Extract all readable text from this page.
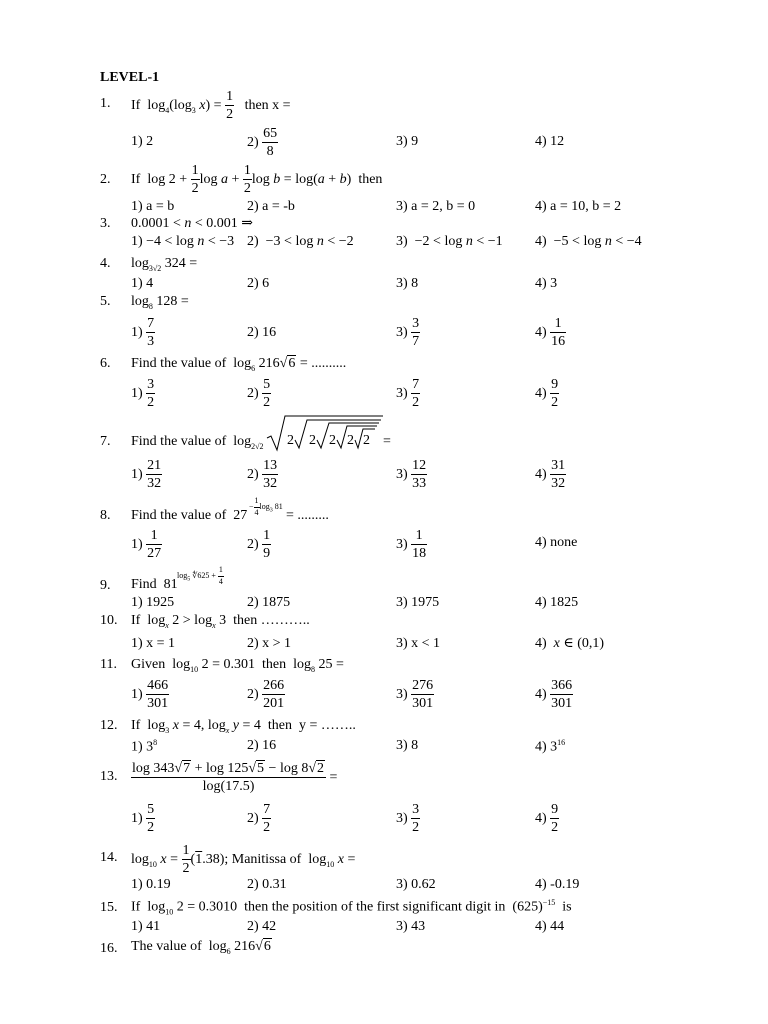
LEVEL-1
1. If  $\log_4(\log_3$ $x) = \frac{1}{2}$ then x =
1) 2	$2) \frac{65}{8}$	3) 9	4) 12
2. If  $\log 2 + \frac{1}{2}$ $\log a + \frac{1}{2}$ log b = log(a + b)  then
1) a = b	2) a = -b	3) a = 2, b = 0	4) a = 10, b = 2
3. 0.0001 < n < 0.001 ⇒
1) −4 < log n < −3 2)  −3 < log n < −2	3)  −2 < log n < −1 4)  −5 < log n < −4
4. $\log_{3√2} 324$ =
1) 4	2) 6	3) 8	4) 3
5. $\log_8 128$ =
$1) \frac{7}{3}$	2) 16	$3) \frac{3}{7}$	$4) \frac{1}{16}$
6. Find the value of  $\log_6 216√6$ = ..........
$1) \frac{3}{2}$	$2) \frac{5}{2}$	$3) \frac{7}{2}$	$4) \frac{9}{2}$
7. Find the value of  $\log_{2√2} 2$ 2 2 2 2 =
$1) \frac{21}{32}$	$2) \frac{13}{32}$	$3) \frac{12}{33}$	$4) \frac{31}{32}$
8. Find the value of  27
− $\frac{1}{4} \log_3 81$
= .........
$1) \frac{1}{27}$	$2) \frac{1}{9}$	$3) \frac{1}{18}$	4) none
9. Find  81
$\log_5$ ∜625 + $\frac{1}{4}$
1) 1925	2) 1875	3) 1975	4) 1825
10. If  $\log_x 2 > \log_x 3$  then ………..
1) x = 1	2) x > 1	3) x < 1	4)  x ∈ (0,1)
11. Given  $\log_{10} 2 = 0.301$  then  $\log_8 25$ =
$1) \frac{466}{301}$	$2) \frac{266}{201}$	$3) \frac{276}{301}$	$4) \frac{366}{301}$
12. If  $\log_3 x = 4$, $\log_x y = 4$  then  y = ……..
1) $3^8$	2) 16	3) 8	4) $3^{16}$
13. $\frac{\log 343√7 + \log 125√5 - \log 8√2}{\log(17.5)}$ =
$1) \frac{5}{2}$	$2) \frac{7}{2}$	$3) \frac{3}{2}$	$4) \frac{9}{2}$
14. $\log_{10} x = \frac{1}{2} (1.38)$; Manitissa of  $\log_{10} x$ =
1) 0.19	2) 0.31	3) 0.62	4) -0.19
15. If  $\log_{10} 2 = 0.3010$  then the position of the first significant digit in  $(625)^{-15}$  is
1) 41	2) 42	3) 43	4) 44
16. The value of  $\log_6 216√6$
